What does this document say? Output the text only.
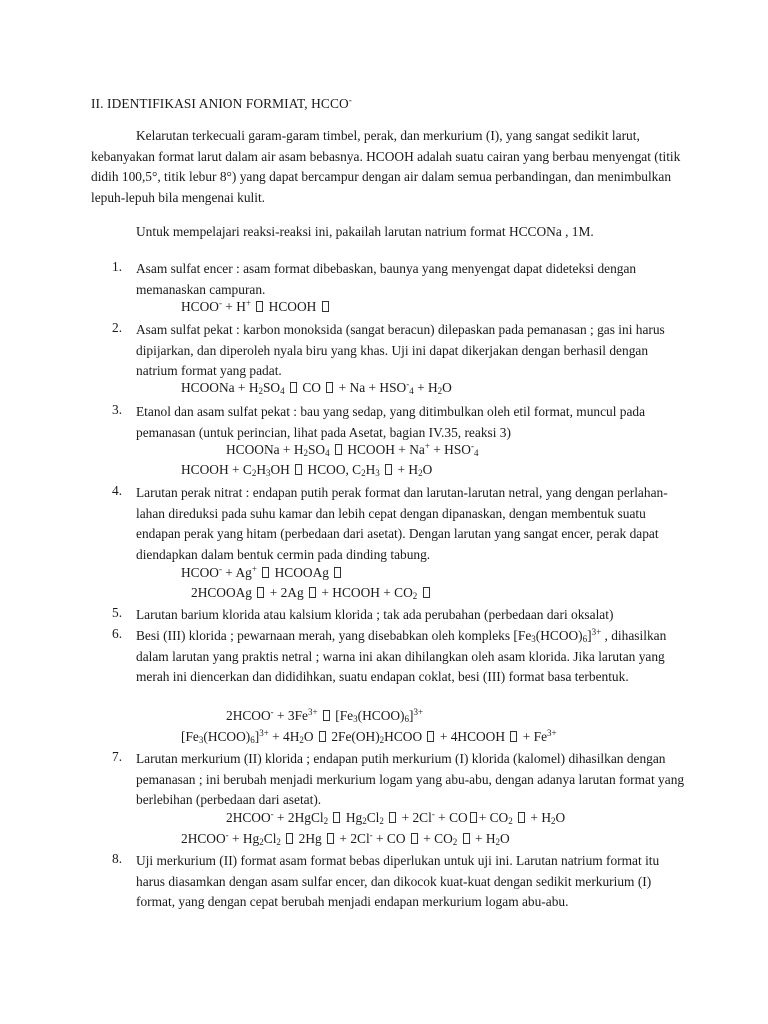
II. IDENTIFIKASI ANION FORMIAT, HCCO-
Kelarutan terkecuali garam-garam timbel, perak, dan merkurium (I), yang sangat sedikit larut, kebanyakan format larut dalam air asam bebasnya. HCOOH adalah suatu cairan yang berbau menyengat (titik didih 100,5°, titik lebur 8°) yang dapat bercampur dengan air dalam semua perbandingan, dan menimbulkan lepuh-lepuh bila mengenai kulit.
Untuk mempelajari reaksi-reaksi ini, pakailah larutan natrium format HCCONa , 1M.
1. Asam sulfat encer : asam format dibebaskan, baunya yang menyengat dapat dideteksi dengan memanaskan campuran.
HCOO- + H+ HCOOH
2. Asam sulfat pekat : karbon monoksida (sangat beracun) dilepaskan pada pemanasan ; gas ini harus dipijarkan, dan diperoleh nyala biru yang khas. Uji ini dapat dikerjakan dengan berhasil dengan natrium format yang padat.
HCOONa + $H_2SO_4$ CO  + $Na + HSO^-_4 + H_2O$
3. Etanol dan asam sulfat pekat : bau yang sedap, yang ditimbulkan oleh etil format, muncul pada pemanasan (untuk perincian, lihat pada Asetat, bagian IV.35, reaksi 3)
HCOONa + $H_2SO_4$ HCOOH + $Na^+ + HSO^-_4$
HCOOH + $C_2H_3OH$  HCOO, $C_2H_3 + H_2O$
4. Larutan perak nitrat : endapan putih perak format dan larutan-larutan netral, yang dengan perlahan-lahan direduksi pada suhu kamar dan lebih cepat dengan dipanaskan, dengan membentuk suatu endapan perak yang hitam (perbedaan dari asetat). Dengan larutan yang sangat encer, perak dapat diendapkan dalam bentuk cermin pada dinding tabung.
HCOO- + Ag+ HCOOAg
2HCOOAg  + 2Ag  + HCOOH + $CO_2$
5. Larutan barium klorida atau kalsium klorida ; tak ada perubahan (perbedaan dari oksalat)
6. Besi (III) klorida ; pewarnaan merah, yang disebabkan oleh kompleks $[Fe_3(HCOO)_6]^{3+}$ , dihasilkan dalam larutan yang praktis netral ; warna ini akan dihilangkan oleh asam klorida. Jika larutan yang merah ini diencerkan dan dididihkan, suatu endapan coklat, besi (III) format basa terbentuk.
2HCOO- + $3Fe^{3+}$  $[Fe_3(HCOO)_6]^{3+}$
$[Fe_3(HCOO)_6]^{3+} + 4H_2O$ $2Fe(OH)_2HCOO$  + 4HCOOH  + $Fe^{3+}$
7. Larutan merkurium (II) klorida ; endapan putih merkurium (I) klorida (kalomel) dihasilkan dengan pemanasan ; ini berubah menjadi merkurium logam yang abu-abu, dengan adanya larutan format yang berlebihan (perbedaan dari asetat).
2HCOO- + 2HgCl$_2$ $Hg_2Cl_2 + 2Cl^-$ + CO + $CO_2 + H_2O$
2HCOO- + $Hg_2Cl_2$ 2Hg  + 2Cl- + CO  + $CO_2 + H_2O$
8. Uji merkurium (II) format asam format bebas diperlukan untuk uji ini. Larutan natrium format itu harus diasamkan dengan asam sulfar encer, dan dikocok kuat-kuat dengan sedikit merkurium (I) format, yang dengan cepat berubah menjadi endapan merkurium logam abu-abu.
